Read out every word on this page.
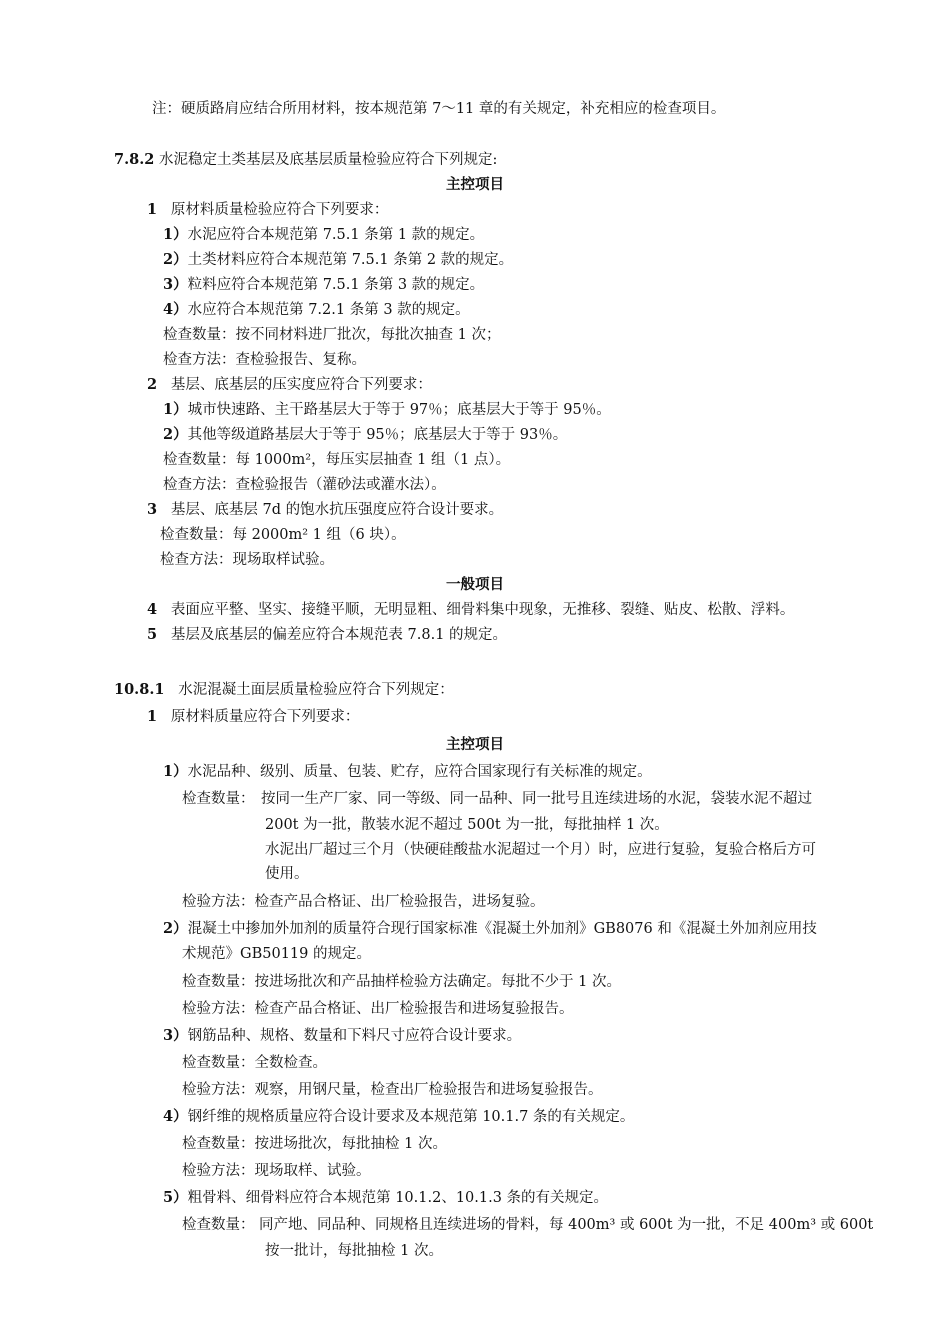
注：硬质路肩应结合所用材料，按本规范第 7～11 章的有关规定，补充相应的检查项目。
7.8.2 水泥稳定土类基层及底基层质量检验应符合下列规定:
主控项目
1 原材料质量检验应符合下列要求：
1）水泥应符合本规范第 7.5.1 条第 1 款的规定。
2）土类材料应符合本规范第 7.5.1 条第 2 款的规定。
3）粒料应符合本规范第 7.5.1 条第 3 款的规定。
4）水应符合本规范第 7.2.1 条第 3 款的规定。
检查数量：按不同材料进厂批次，每批次抽查 1 次；
检查方法：查检验报告、复称。
2 基层、底基层的压实度应符合下列要求：
1）城市快速路、主干路基层大于等于 97％；底基层大于等于 95％。
2）其他等级道路基层大于等于 95％；底基层大于等于 93％。
检查数量：每 1000m²，每压实层抽查 1 组（1 点）。
检查方法：查检验报告（灌砂法或灌水法）。
3 基层、底基层 7d 的饱水抗压强度应符合设计要求。
检查数量：每 2000m² 1 组（6 块）。
检查方法：现场取样试验。
一般项目
4 表面应平整、坚实、接缝平顺，无明显粗、细骨料集中现象，无推移、裂缝、贴皮、松散、浮料。
5 基层及底基层的偏差应符合本规范表 7.8.1 的规定。
10.8.1 水泥混凝土面层质量检验应符合下列规定：
1 原材料质量应符合下列要求：
主控项目
1）水泥品种、级别、质量、包装、贮存，应符合国家现行有关标准的规定。
检查数量： 按同一生产厂家、同一等级、同一品种、同一批号且连续进场的水泥，袋装水泥不超过
200t 为一批，散装水泥不超过 500t 为一批，每批抽样 1 次。
水泥出厂超过三个月（快硬硅酸盐水泥超过一个月）时，应进行复验，复验合格后方可
使用。
检验方法：检查产品合格证、出厂检验报告，进场复验。
2）混凝土中掺加外加剂的质量符合现行国家标准《混凝土外加剂》GB8076 和《混凝土外加剂应用技
术规范》GB50119 的规定。
检查数量：按进场批次和产品抽样检验方法确定。每批不少于 1 次。
检验方法：检查产品合格证、出厂检验报告和进场复验报告。
3）钢筋品种、规格、数量和下料尺寸应符合设计要求。
检查数量：全数检查。
检验方法：观察，用钢尺量，检查出厂检验报告和进场复验报告。
4）钢纤维的规格质量应符合设计要求及本规范第 10.1.7 条的有关规定。
检查数量：按进场批次，每批抽检 1 次。
检验方法：现场取样、试验。
5）粗骨料、细骨料应符合本规范第 10.1.2、10.1.3 条的有关规定。
检查数量： 同产地、同品种、同规格且连续进场的骨料，每 400m³ 或 600t 为一批，不足 400m³ 或 600t
按一批计，每批抽检 1 次。
